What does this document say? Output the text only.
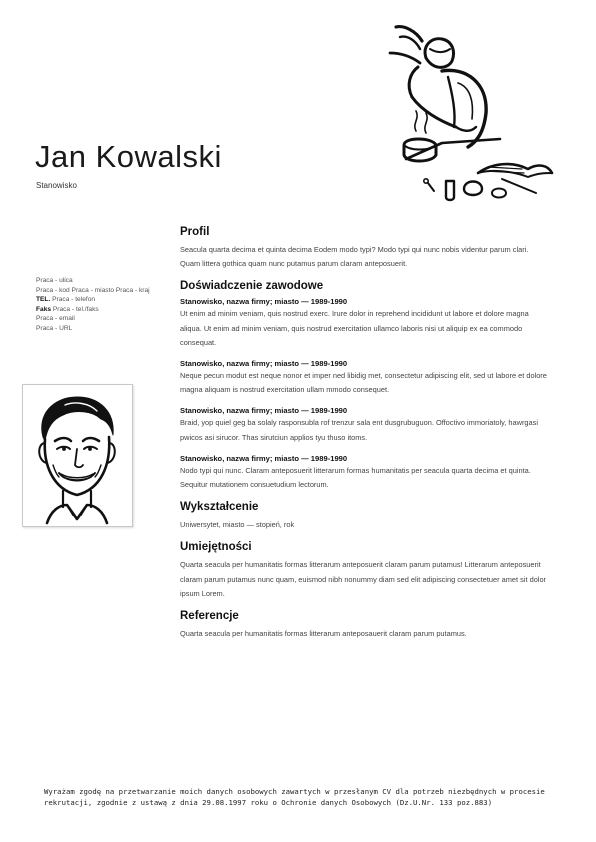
Jan Kowalski
Stanowisko
Praca - ulica
Praca - kod Praca - miasto Praca - kraj
TEL. Praca - telefon
Faks Praca - tel./faks
Praca - email
Praca - URL
Profil

Seacula quarta decima et quinta decima Eodem modo typi? Modo typi qui nunc nobis videntur parum clari. Quam littera gothica quam nunc putamus parum claram anteposuerit.

Doświadczenie zawodowe
Stanowisko, nazwa firmy; miasto — 1989-1990

Ut enim ad minim veniam, quis nostrud exerc. Irure dolor in reprehend incididunt ut labore et dolore magna aliqua. Ut enim ad minim veniam, quis nostrud exercitation ullamco laboris nisi ut aliquip ex ea commodo consequat.

Stanowisko, nazwa firmy; miasto — 1989-1990

Neque pecun modut est neque nonor et imper ned libidig met, consectetur adipiscing elit, sed ut labore et dolore magna aliquam is nostrud exercitation ullam mmodo consequet.

Stanowisko, nazwa firmy; miasto — 1989-1990

Braid, yop quiel geg ba solaly rasponsubla rof trenzur sala ent dusgrubuguon. Offoctivo immoriatoly, hawrgasi pwicos asi sirucor. Thas sirutciun applios tyu thuso itoms.

Stanowisko, nazwa firmy; miasto — 1989-1990

Nodo typi qui nunc. Claram anteposuerit litterarum formas humanitatis per seacula quarta decima et quinta. Sequitur mutationem consuetudium lectorum.

Wykształcenie

Uniwersytet, miasto — stopień, rok

Umiejętności

Quarta seacula per humanitatis formas litterarum anteposuerit claram parum putamus! Litterarum anteposuerit claram parum putamus nunc quam, euismod nibh nonummy diam sed elit adipiscing consectetuer amet sit dolor ipsum Lorem.

Referencje

Quarta seacula per humanitatis formas litterarum anteposauerit claram parum putamus.

Wyrażam zgodę na przetwarzanie moich danych osobowych zawartych w przesłanym CV dla potrzeb niezbędnych w procesie rekrutacji, zgodnie z ustawą z dnia 29.08.1997 roku o Ochronie danych Osobowych (Dz.U.Nr. 133 poz.883)
